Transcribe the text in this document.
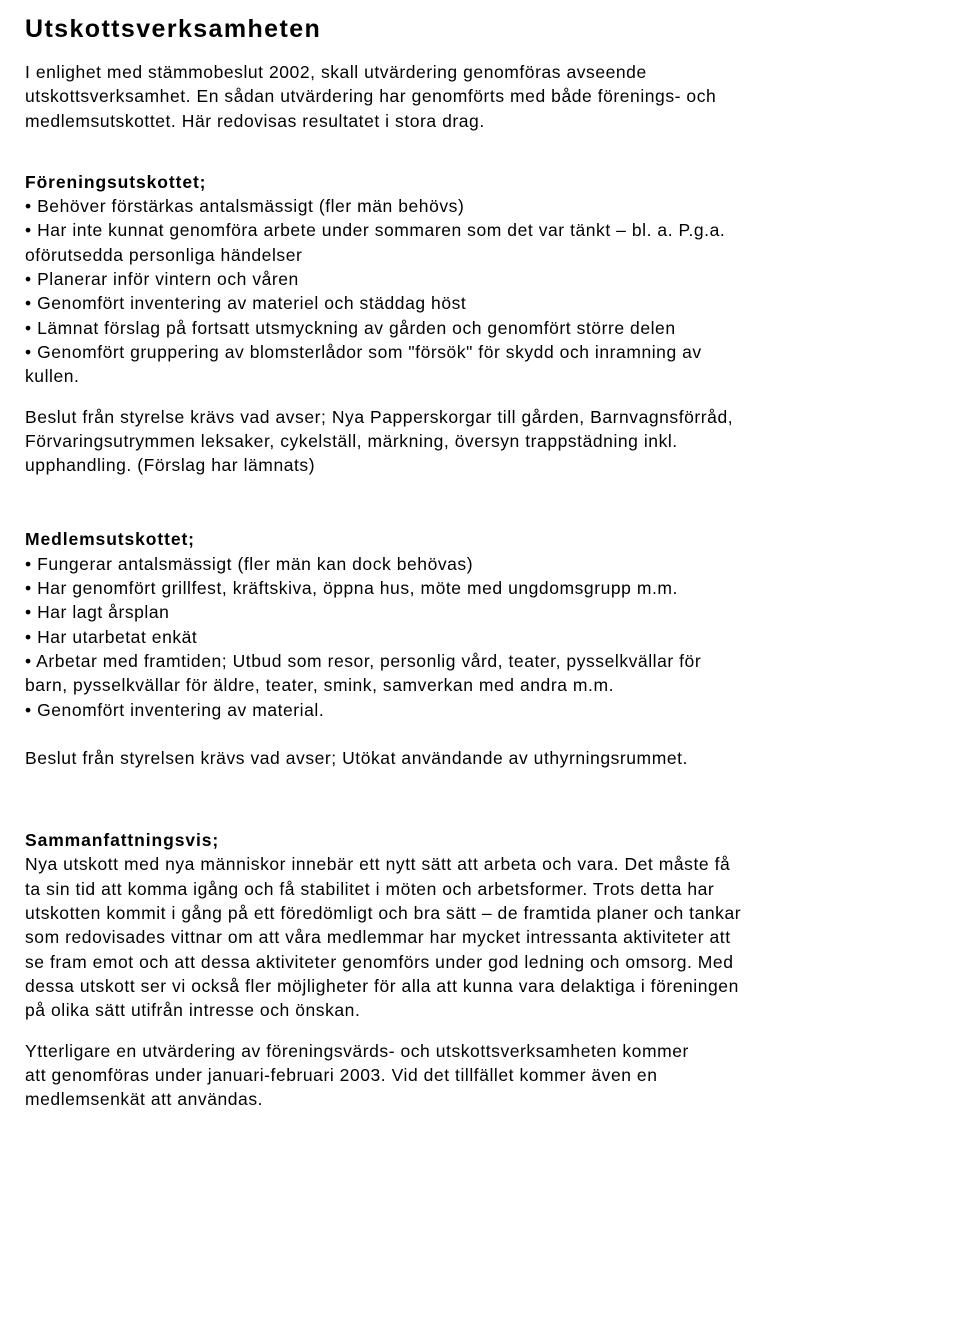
Utskottsverksamheten

I enlighet med stämmobeslut 2002, skall utvärdering genomföras avseende
utskottsverksamhet. En sådan utvärdering har genomförts med både förenings- och
medlemsutskottet. Här redovisas resultatet i stora drag.

Föreningsutskottet;

• Behöver förstärkas antalsmässigt (fler män behövs)
• Har inte kunnat genomföra arbete under sommaren som det var tänkt – bl. a. P.g.a.
oförutsedda personliga händelser
• Planerar inför vintern och våren
• Genomfört inventering av materiel och städdag höst
• Lämnat förslag på fortsatt utsmyckning av gården och genomfört större delen
• Genomfört gruppering av blomsterlådor som "försök" för skydd och inramning av
kullen.

Beslut från styrelse krävs vad avser; Nya Papperskorgar till gården, Barnvagnsförråd,
Förvaringsutrymmen leksaker, cykelställ, märkning, översyn trappstädning inkl.
upphandling. (Förslag har lämnats)

Medlemsutskottet;

• Fungerar antalsmässigt (fler män kan dock behövas)
• Har genomfört grillfest, kräftskiva, öppna hus, möte med ungdomsgrupp m.m.
• Har lagt årsplan
• Har utarbetat enkät
• Arbetar med framtiden; Utbud som resor, personlig vård, teater, pysselkvällar för
barn, pysselkvällar för äldre, teater, smink, samverkan med andra m.m.
• Genomfört inventering av material.

Beslut från styrelsen krävs vad avser; Utökat användande av uthyrningsrummet.

Sammanfattningsvis;

Nya utskott med nya människor innebär ett nytt sätt att arbeta och vara. Det måste få
ta sin tid att komma igång och få stabilitet i möten och arbetsformer. Trots detta har
utskotten kommit i gång på ett föredömligt och bra sätt – de framtida planer och tankar
som redovisades vittnar om att våra medlemmar har mycket intressanta aktiviteter att
se fram emot och att dessa aktiviteter genomförs under god ledning och omsorg. Med
dessa utskott ser vi också fler möjligheter för alla att kunna vara delaktiga i föreningen
på olika sätt utifrån intresse och önskan.

Ytterligare en utvärdering av föreningsvärds- och utskottsverksamheten kommer
att genomföras under januari-februari 2003. Vid det tillfället kommer även en
medlemsenkät att användas.
